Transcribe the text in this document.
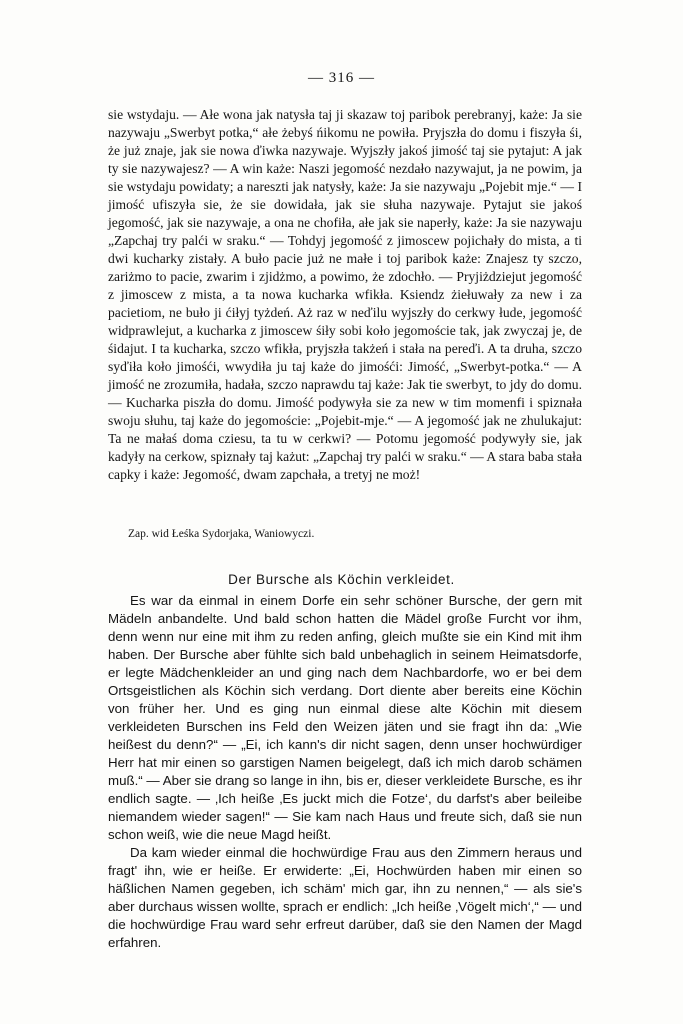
— 316 —

sie wstydaju. — Ałe wona jak natysła taj ji skazaw toj paribok perebranyj, każe: Ja sie nazywaju „Swerbyt potka,“ ałe żebyś ńikomu ne powiła. Pryjszła do domu i fiszyła śi, że już znaje, jak sie nowa ďiwka nazywaje. Wyjszły jakoś jimość taj sie pytajut: A jak ty sie nazywajesz? — A win każe: Naszi jegomość nezdało nazywajut, ja ne powim, ja sie wstydaju powidaty; a nareszti jak natysły, każe: Ja sie nazywaju „Pojebit mje.“ — I jimość ufiszyła sie, że sie dowidała, jak sie słuha nazywaje. Pytajut sie jakoś jegomość, jak sie nazywaje, a ona ne chofiła, ałe jak sie naperły, każe: Ja sie nazywaju „Zapchaj try palći w sraku.“ — Tohdyj jegomość z jimoscew pojichały do mista, a ti dwi kucharky zistały. A buło pacie już ne małe i toj paribok każe: Znajesz ty szczo, zariżmo to pacie, zwarim i zjidżmo, a powimo, że zdochło. — Pryjiżdziejut jegomość z jimoscew z mista, a ta nowa kucharka wfikła. Ksiendz żiełuwały za new i za pacietiom, ne buło ji ćiłyj tyżdeń. Aż raz w neďilu wyjszły do cerkwy łude, jegomość widprawlejut, a kucharka z jimoscew śiły sobi koło jegomoście tak, jak zwyczaj je, de śidajut. I ta kucharka, szczo wfikła, pryjszła takżeń i stała na pereďi. A ta druha, szczo syďiła koło jimośći, wwydiła ju taj każe do jimośći: Jimość, „Swerbyt-potka.“ — A jimość ne zrozumiła, hadała, szczo naprawdu taj każe: Jak tie swerbyt, to jdy do domu. — Kucharka piszła do domu. Jimość podywyła sie za new w tim momenfi i spiznała swoju słuhu, taj każe do jegomoście: „Pojebit-mje.“ — A jegomość jak ne zhulukajut: Ta ne małaś doma cziesu, ta tu w cerkwi? — Potomu jegomość podywyły sie, jak kadyły na cerkow, spiznały taj każut: „Zapchaj try palći w sraku.“ — A stara baba stała capky i każe: Jegomość, dwam zapchała, a tretyj ne moż!

Zap. wid Łeśka Sydorjaka, Waniowyczi.
Der Bursche als Köchin verkleidet.

Es war da einmal in einem Dorfe ein sehr schöner Bursche, der gern mit Mädeln anbandelte. Und bald schon hatten die Mädel große Furcht vor ihm, denn wenn nur eine mit ihm zu reden anfing, gleich mußte sie ein Kind mit ihm haben. Der Bursche aber fühlte sich bald unbehaglich in seinem Heimatsdorfe, er legte Mädchenkleider an und ging nach dem Nachbardorfe, wo er bei dem Ortsgeistlichen als Köchin sich verdang. Dort diente aber bereits eine Köchin von früher her. Und es ging nun einmal diese alte Köchin mit diesem verkleideten Burschen ins Feld den Weizen jäten und sie fragt ihn da: „Wie heißest du denn?“ — „Ei, ich kann's dir nicht sagen, denn unser hochwürdiger Herr hat mir einen so garstigen Namen beigelegt, daß ich mich darob schämen muß.“ — Aber sie drang so lange in ihn, bis er, dieser verkleidete Bursche, es ihr endlich sagte. — ‚Ich heiße ‚Es juckt mich die Fotze‘, du darfst's aber beileibe niemandem wieder sagen!“ — Sie kam nach Haus und freute sich, daß sie nun schon weiß, wie die neue Magd heißt.

Da kam wieder einmal die hochwürdige Frau aus den Zimmern heraus und fragt' ihn, wie er heiße. Er erwiderte: „Ei, Hochwürden haben mir einen so häßlichen Namen gegeben, ich schäm' mich gar, ihn zu nennen,“ — als sie's aber durchaus wissen wollte, sprach er endlich: „Ich heiße ‚Vögelt mich‘,“ — und die hochwürdige Frau ward sehr erfreut darüber, daß sie den Namen der Magd erfahren.
